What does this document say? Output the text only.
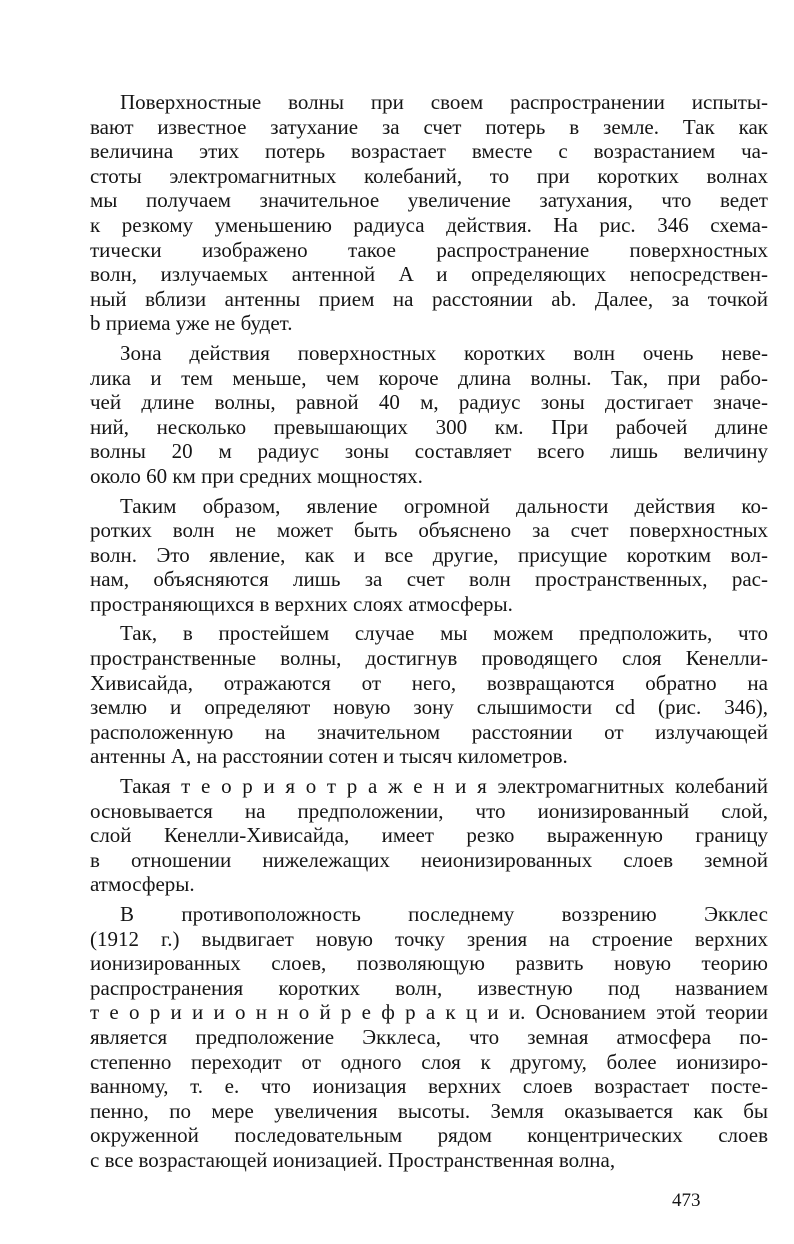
Поверхностные волны при своем распространении испыты-
вают известное затухание за счет потерь в земле. Так как
величина этих потерь возрастает вместе с возрастанием ча-
стоты электромагнитных колебаний, то при коротких волнах
мы получаем значительное увеличение затухания, что ведет
к резкому уменьшению радиуса действия. На рис. 346 схема-
тически изображено такое распространение поверхностных
волн, излучаемых антенной A и определяющих непосредствен-
ный вблизи антенны прием на расстоянии ab. Далее, за точкой
b приема уже не будет.
Зона действия поверхностных коротких волн очень неве-
лика и тем меньше, чем короче длина волны. Так, при рабо-
чей длине волны, равной 40 м, радиус зоны достигает значе-
ний, несколько превышающих 300 км. При рабочей длине
волны 20 м радиус зоны составляет всего лишь величину
около 60 км при средних мощностях.
Таким образом, явление огромной дальности действия ко-
ротких волн не может быть объяснено за счет поверхностных
волн. Это явление, как и все другие, присущие коротким вол-
нам, объясняются лишь за счет волн пространственных, рас-
пространяющихся в верхних слоях атмосферы.
Так, в простейшем случае мы можем предположить, что
пространственные волны, достигнув проводящего слоя Кенелли-
Хивисайда, отражаются от него, возвращаются обратно на
землю и определяют новую зону слышимости cd (рис. 346),
расположенную на значительном расстоянии от излучающей
антенны A, на расстоянии сотен и тысяч километров.
Такая т е о р и я о т р а ж е н и я электромагнитных колебаний
основывается на предположении, что ионизированный слой,
слой Кенелли-Хивисайда, имеет резко выраженную границу
в отношении нижележащих неионизированных слоев земной
атмосферы.
В противоположность последнему воззрению Экклес
(1912 г.) выдвигает новую точку зрения на строение верхних
ионизированных слоев, позволяющую развить новую теорию
распространения коротких волн, известную под названием
т е о р и и и о н н о й р е ф р а к ц и и. Основанием этой теории
является предположение Экклеса, что земная атмосфера по-
степенно переходит от одного слоя к другому, более ионизиро-
ванному, т. е. что ионизация верхних слоев возрастает посте-
пенно, по мере увеличения высоты. Земля оказывается как бы
окруженной последовательным рядом концентрических слоев
с все возрастающей ионизацией. Пространственная волна,
473
